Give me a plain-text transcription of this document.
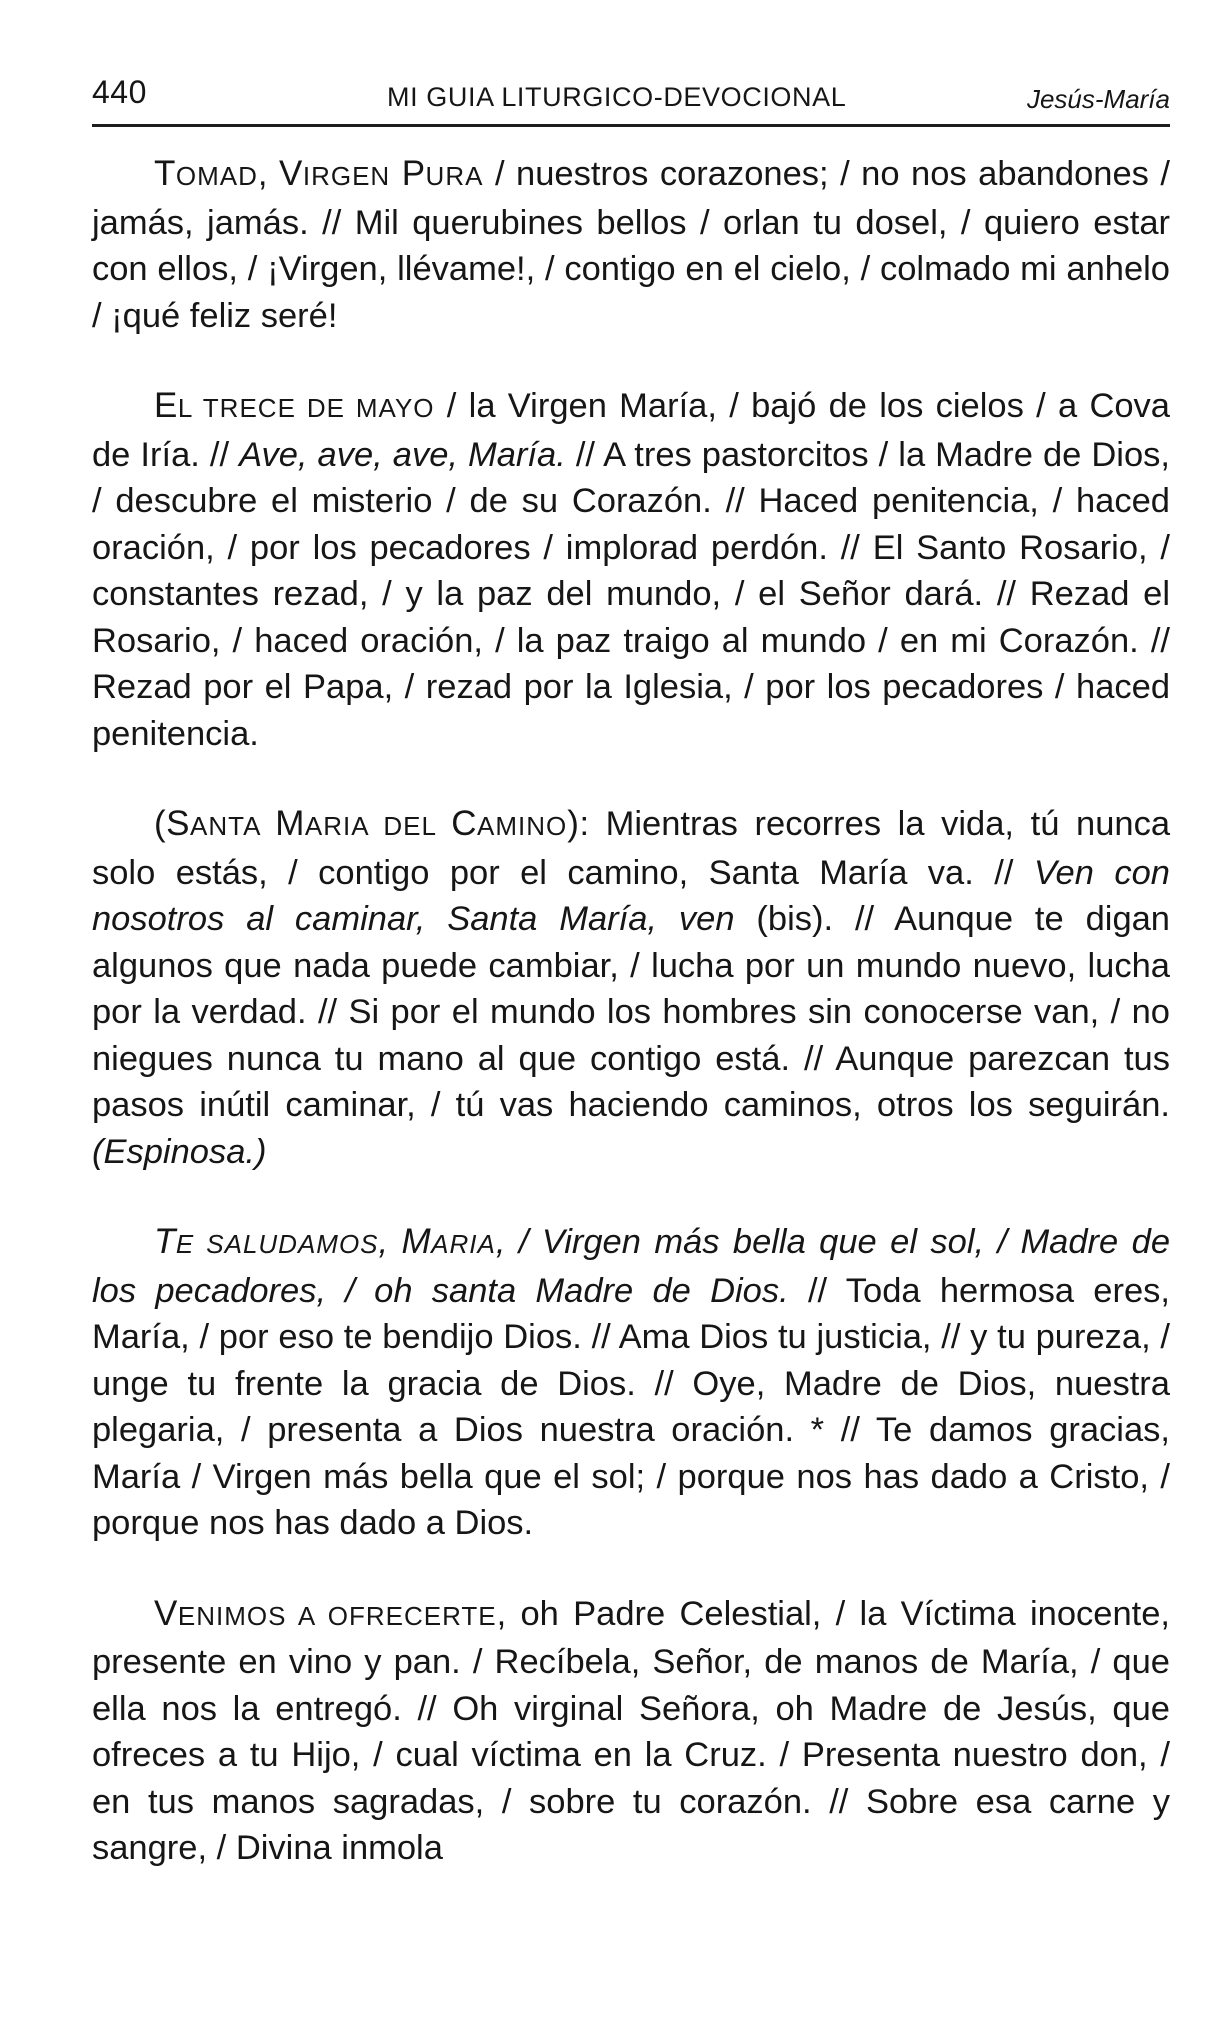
440	MI GUIA LITURGICO-DEVOCIONAL	Jesús-María

TOMAD, VIRGEN PURA / nuestros corazones; / no nos abandones / jamás, jamás. // Mil querubines bellos / orlan tu dosel, / quiero estar con ellos, / ¡Virgen, llévame!, / contigo en el cielo, / colmado mi anhelo / ¡qué feliz seré!

EL TRECE DE MAYO / la Virgen María, / bajó de los cielos / a Cova de Iría. // Ave, ave, ave, María. // A tres pastorcitos / la Madre de Dios, / descubre el misterio / de su Corazón. // Haced penitencia, / haced oración, / por los pecadores / implorad perdón. // El Santo Rosario, / constantes rezad, / y la paz del mundo, / el Señor dará. // Rezad el Rosario, / haced oración, / la paz traigo al mundo / en mi Corazón. // Rezad por el Papa, / rezad por la Iglesia, / por los pecadores / haced penitencia.

(SANTA MARIA DEL CAMINO): Mientras recorres la vida, tú nunca solo estás, / contigo por el camino, Santa María va. // Ven con nosotros al caminar, Santa María, ven (bis). // Aunque te digan algunos que nada puede cambiar, / lucha por un mundo nuevo, lucha por la verdad. // Si por el mundo los hombres sin conocerse van, / no niegues nunca tu mano al que contigo está. // Aunque parezcan tus pasos inútil caminar, / tú vas haciendo caminos, otros los seguirán. (Espinosa.)

TE SALUDAMOS, MARIA, / Virgen más bella que el sol, / Madre de los pecadores, / oh santa Madre de Dios. // Toda hermosa eres, María, / por eso te bendijo Dios. // Ama Dios tu justicia, // y tu pureza, / unge tu frente la gracia de Dios. // Oye, Madre de Dios, nuestra plegaria, / presenta a Dios nuestra oración. * // Te damos gracias, María / Virgen más bella que el sol; / porque nos has dado a Cristo, / porque nos has dado a Dios.

VENIMOS A OFRECERTE, oh Padre Celestial, / la Víctima inocente, presente en vino y pan. / Recíbela, Señor, de manos de María, / que ella nos la entregó. // Oh virginal Señora, oh Madre de Jesús, que ofreces a tu Hijo, / cual víctima en la Cruz. / Presenta nuestro don, / en tus manos sagradas, / sobre tu corazón. // Sobre esa carne y sangre, / Divina inmola
